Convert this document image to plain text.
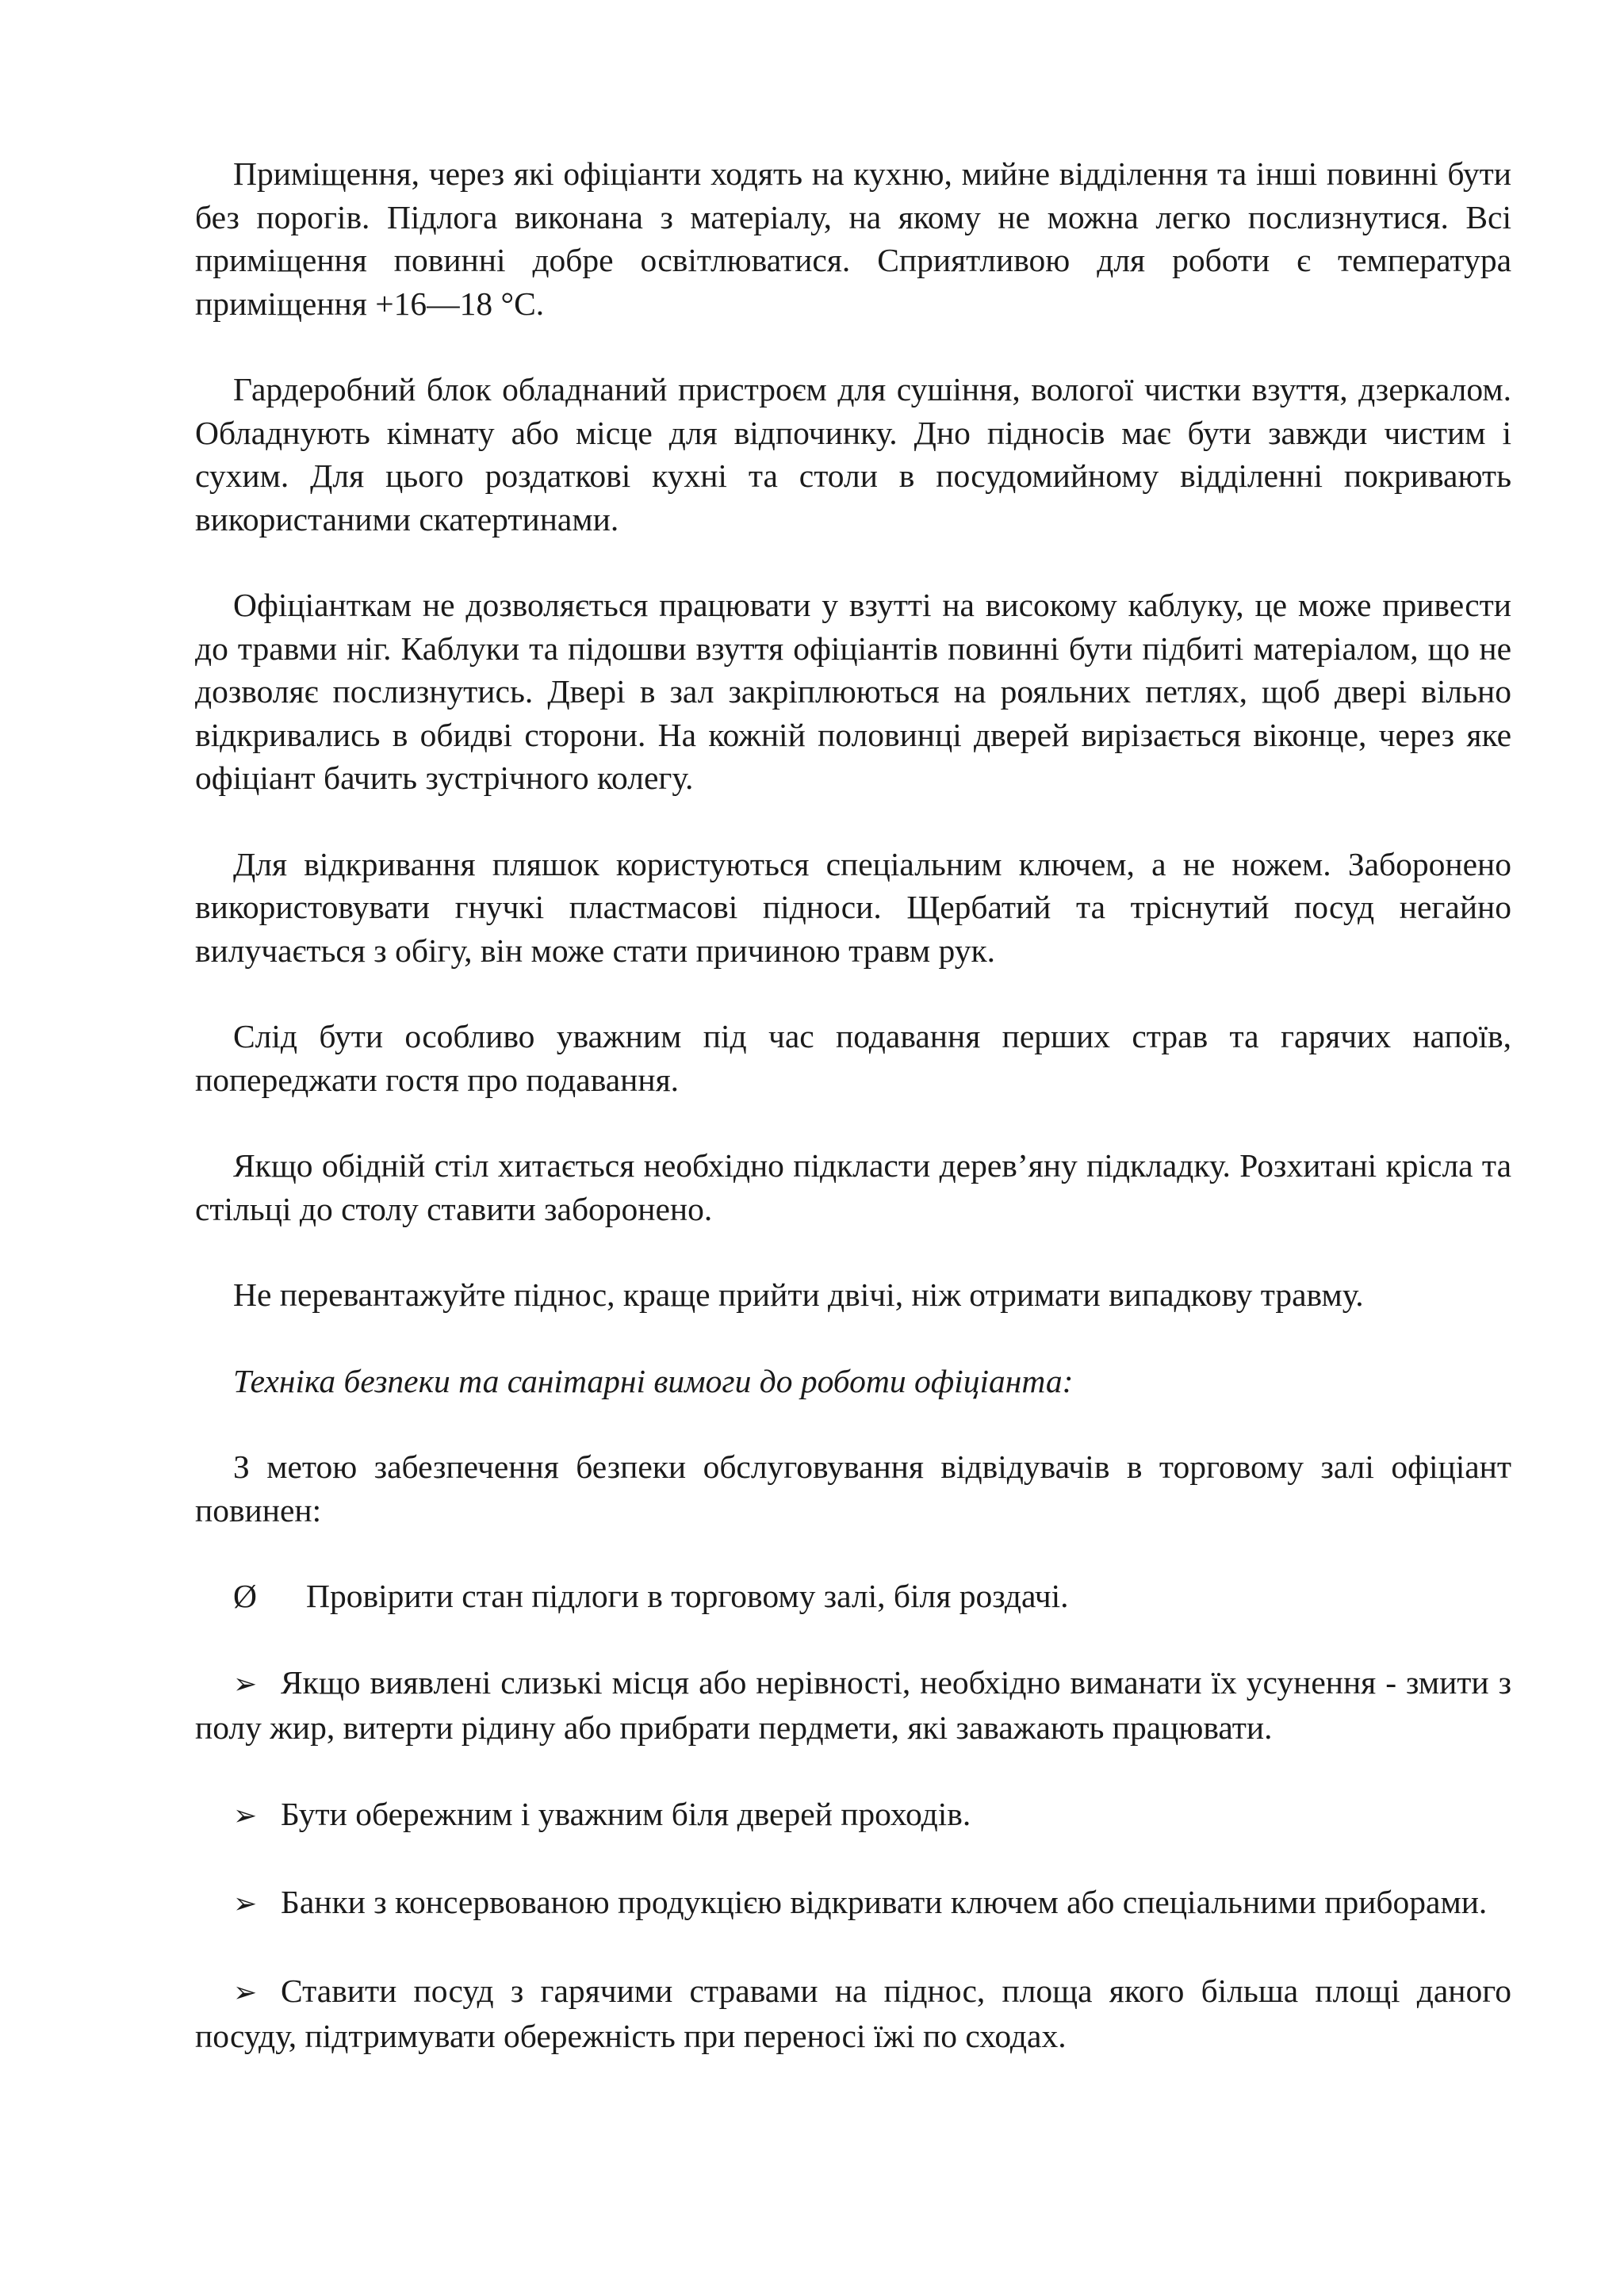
Приміщення, через які офіціанти ходять на кухню, мийне відділення та інші повинні бути без порогів. Підлога виконана з матеріалу, на якому не можна легко послизнутися. Всі приміщення повинні добре освітлюватися. Сприятливою для роботи є температура приміщення +16—18 °С.

Гардеробний блок обладнаний пристроєм для сушіння, вологої чистки взуття, дзеркалом. Обладнують кімнату або місце для відпочинку. Дно підносів має бути завжди чистим і сухим. Для цього роздаткові кухні та столи в посудомийному відділенні покривають використаними скатертинами.

Офіціанткам не дозволяється працювати у взутті на високому каблуку, це може привести до травми ніг. Каблуки та підошви взуття офіціантів повинні бути підбиті матеріалом, що не дозволяє послизнутись. Двері в зал закріплюються на рояльних петлях, щоб двері вільно відкривались в обидві сторони. На кожній половинці дверей вирізається віконце, через яке офіціант бачить зустрічного колегу.

Для відкривання пляшок користуються спеціальним ключем, а не ножем. Заборонено використовувати гнучкі пластмасові підноси. Щербатий та тріснутий посуд негайно вилучається з обігу, він може стати причиною травм рук.

Слід бути особливо уважним під час подавання перших страв та гарячих напоїв, попереджати гостя про подавання.

Якщо обідній стіл хитається необхідно підкласти дерев’яну підкладку. Розхитані крісла та стільці до столу ставити заборонено.

Не перевантажуйте піднос, краще прийти двічі, ніж отримати випадкову травму.

Техніка безпеки та санітарні вимоги до роботи офіціанта:

З метою забезпечення безпеки обслуговування відвідувачів в торговому залі офіціант повинен:

Ø Провірити стан підлоги в торговому залі, біля роздачі.

➢ Якщо виявлені слизькі місця або нерівності, необхідно виманати їх усунення - змити з полу жир, витерти рідину або прибрати пердмети, які заважають працювати.

➢ Бути обережним і уважним біля дверей проходів.

➢ Банки з консервованою продукцією відкривати ключем або спеціальними приборами.

➢ Ставити посуд з гарячими стравами на піднос, площа якого більша площі даного посуду, підтримувати обережність при переносі їжі по сходах.
